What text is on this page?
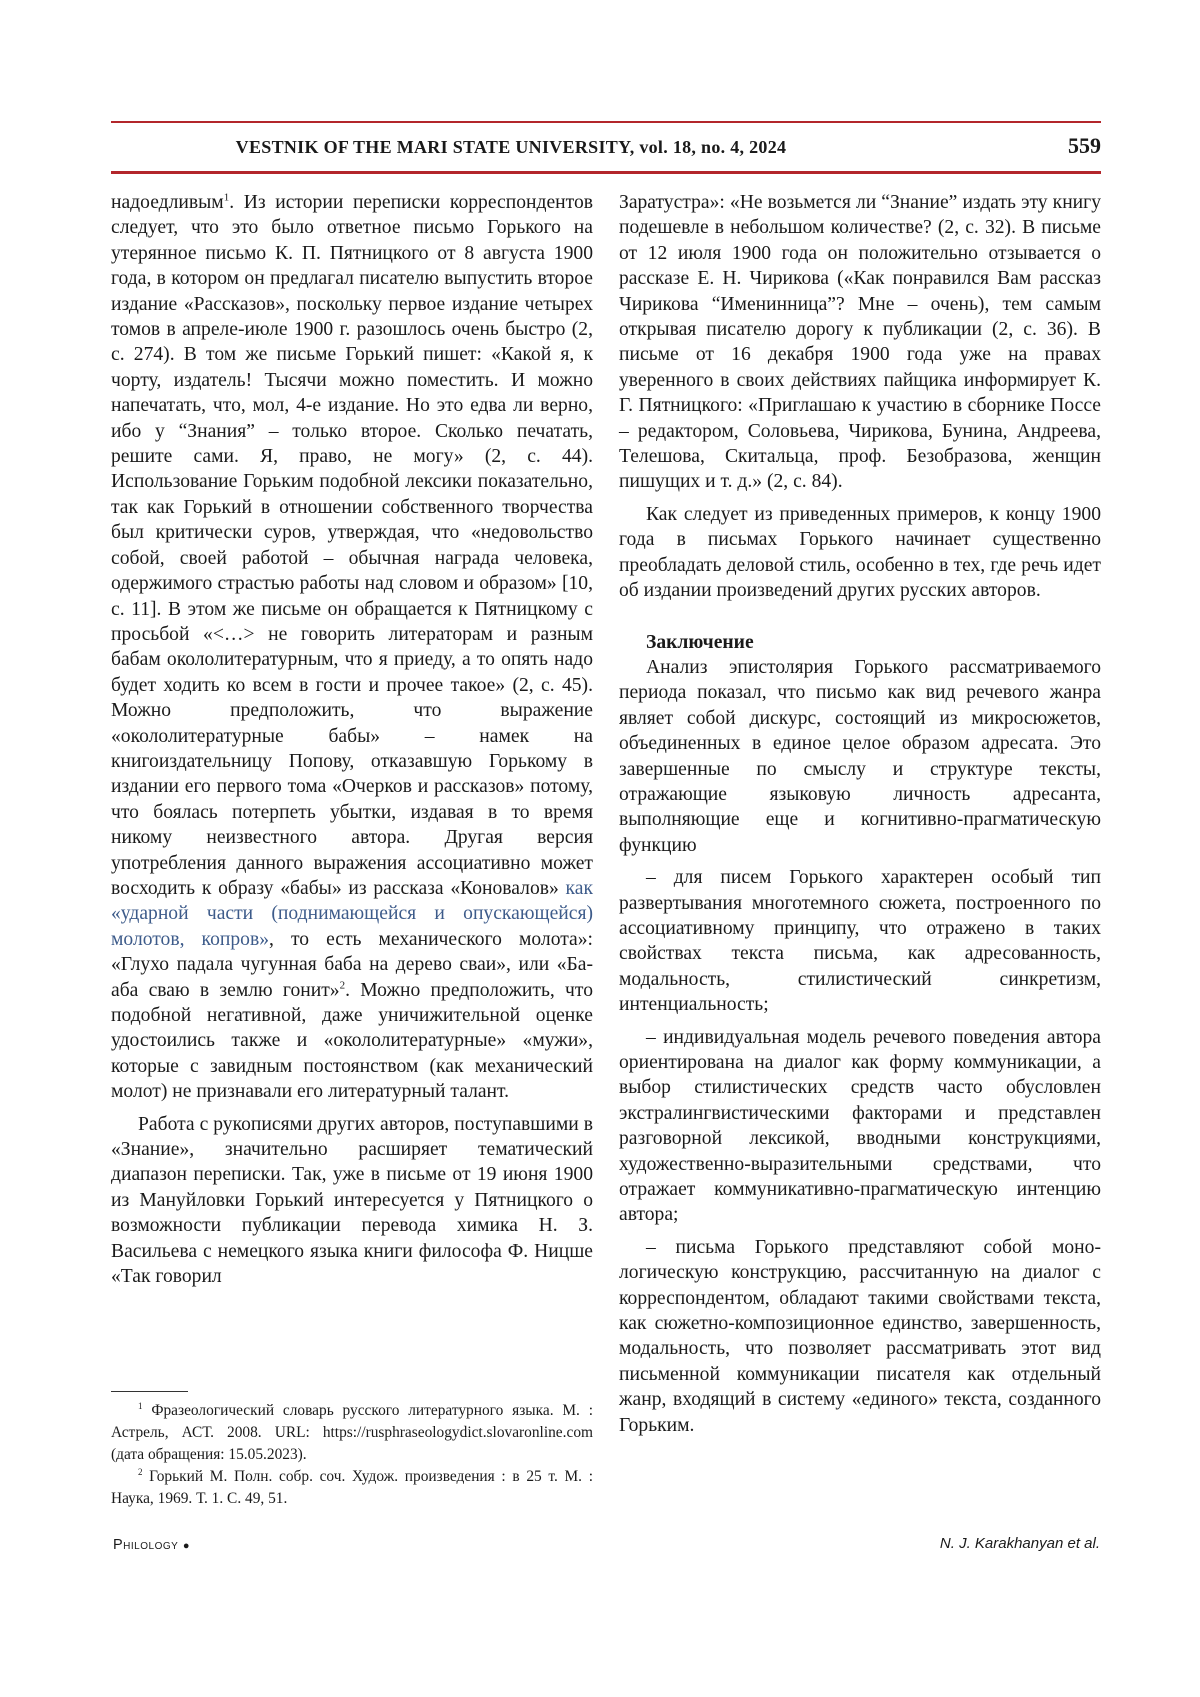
VESTNIK OF THE MARI STATE UNIVERSITY, vol. 18, no. 4, 2024	559

надоедливым$^1$. Из истории переписки корреспондентов следует, что это было ответное письмо Горького на утерянное письмо К. П. Пятницкого от 8 августа 1900 года, в котором он предлагал писателю выпустить второе издание «Рассказов», поскольку первое издание четырех томов в апреле-июле 1900 г. разошлось очень быстро (2, с. 274). В том же письме Горький пишет: «Какой я, к чорту, издатель! Тысячи можно поместить. И можно напечатать, что, мол, 4-е издание. Но это едва ли верно, ибо у “Знания” – только второе. Сколько печатать, решите сами. Я, право, не могу» (2, с. 44). Использование Горьким подобной лексики показательно, так как Горький в отношении собственного творчества был критически суров, утверждая, что «недовольство собой, своей работой – обычная награда человека, одержимого страстью работы над словом и образом» [10, с. 11]. В этом же письме он обращается к Пятницкому с просьбой «<…> не говорить литераторам и разным бабам окололитературным, что я приеду, а то опять надо будет ходить ко всем в гости и прочее такое» (2, с. 45). Можно предположить, что выражение «окололитературные бабы» – намек на книгоиздательницу Попову, отказавшую Горькому в издании его первого тома «Очерков и рассказов» потому, что боялась потерпеть убытки, издавая в то время никому неизвестного автора. Другая версия употребления данного выражения ассоциативно может восходить к образу «бабы» из рассказа «Коновалов» как «ударной части (поднимающейся и опускающейся) молотов, копров», то есть механического молота»: «Глухо падала чугунная баба на дерево сваи», или «Ба-аба сваю в землю гонит»$^2$. Можно предположить, что подобной негативной, даже уничижительной оценке удостоились также и «окололитературные» «мужи», которые с завидным постоянством (как механический молот) не признавали его литературный талант.

Работа с рукописями других авторов, поступавшими в «Знание», значительно расширяет тематический диапазон переписки. Так, уже в письме от 19 июня 1900 из Мануйловки Горький интересуется у Пятницкого о возможности публикации перевода химика Н. З. Васильева с немецкого языка книги философа Ф. Ницше «Так говорил

Заратустра»: «Не возьмется ли “Знание” издать эту книгу подешевле в небольшом количестве? (2, с. 32). В письме от 12 июля 1900 года он положительно отзывается о рассказе Е. Н. Чирикова («Как понравился Вам рассказ Чирикова “Именинница”? Мне – очень), тем самым открывая писателю дорогу к публикации (2, с. 36). В письме от 16 декабря 1900 года уже на правах уверенного в своих действиях пайщика информирует К. Г. Пятницкого: «Приглашаю к участию в сборнике Поссе – редактором, Соловьева, Чирикова, Бунина, Андреева, Телешова, Скитальца, проф. Безобразова, женщин пишущих и т. д.» (2, с. 84).

Как следует из приведенных примеров, к концу 1900 года в письмах Горького начинает существенно преобладать деловой стиль, особенно в тех, где речь идет об издании произведений других русских авторов.

Заключение

Анализ эпистолярия Горького рассматриваемого периода показал, что письмо как вид речевого жанра являет собой дискурс, состоящий из микросюжетов, объединенных в единое целое образом адресата. Это завершенные по смыслу и структуре тексты, отражающие языковую личность адресанта, выполняющие еще и когнитивно-прагматическую функцию

– для писем Горького характерен особый тип развертывания многотемного сюжета, построенного по ассоциативному принципу, что отражено в таких свойствах текста письма, как адресованность, модальность, стилистический синкретизм, интенциальность;

– индивидуальная модель речевого поведения автора ориентирована на диалог как форму коммуникации, а выбор стилистических средств часто обусловлен экстралингвистическими факторами и представлен разговорной лексикой, вводными конструкциями, художественно-выразительными средствами, что отражает коммуникативно-прагматическую интенцию автора;

– письма Горького представляют собой монологическую конструкцию, рассчитанную на диалог с корреспондентом, обладают такими свойствами текста, как сюжетно-композиционное единство, завершенность, модальность, что позволяет рассматривать этот вид письменной коммуникации писателя как отдельный жанр, входящий в систему «единого» текста, созданного Горьким.

$^1$ Фразеологический словарь русского литературного языка. М. : Астрель, АСТ. 2008. URL: https://rusphraseologydict.slovaronline.com (дата обращения: 15.05.2023).

$^2$ Горький М. Полн. собр. соч. Худож. произведения : в 25 т. М. : Наука, 1969. Т. 1. С. 49, 51.

Philology ●	N. J. Karakhanyan et al.
